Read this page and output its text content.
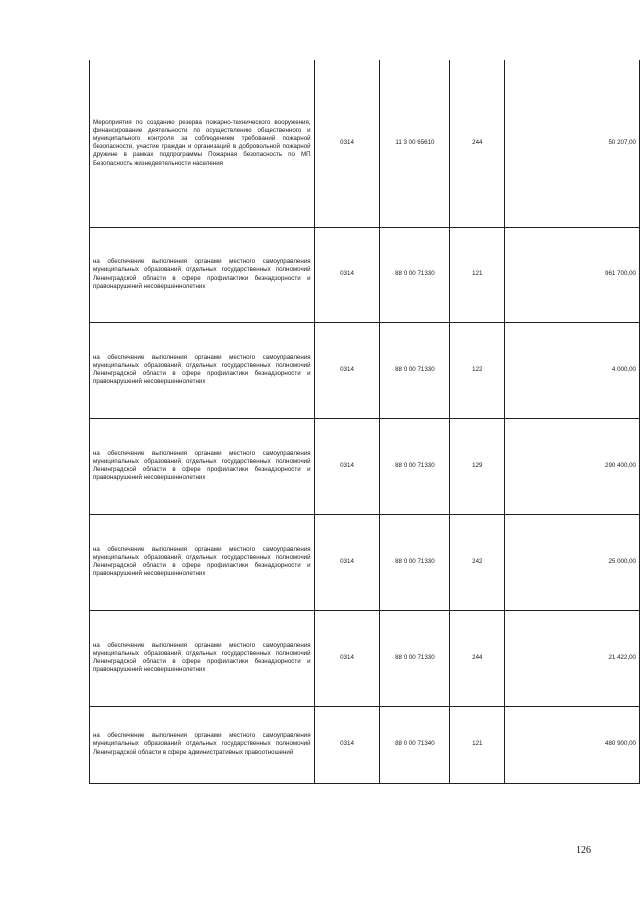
Мероприятия по созданию резерва пожарно-технического вооружения, финансирование деятельности по осуществлению общественного и муниципального контроля за соблюдением требований пожарной безопасности, участие граждан и организаций в добровольной пожарной дружине в рамках подпрограммы Пожарная безопасность по МП Безопасность жизнедеятельности населения	0314	11 3 00 65610	244	50 207,00
на обеспечение выполнения органами местного самоуправления муниципальных образований отдельных государственных полномочий Ленинградской области в сфере профилактики безнадзорности и правонарушений несовершеннолетних	0314	88 0 00 71330	121	961 700,00
на обеспечение выполнения органами местного самоуправления муниципальных образований отдельных государственных полномочий Ленинградской области в сфере профилактики безнадзорности и правонарушений несовершеннолетних	0314	88 0 00 71330	122	4 000,00
на обеспечение выполнения органами местного самоуправления муниципальных образований отдельных государственных полномочий Ленинградской области в сфере профилактики безнадзорности и правонарушений несовершеннолетних	0314	88 0 00 71330	129	290 400,00
на обеспечение выполнения органами местного самоуправления муниципальных образований отдельных государственных полномочий Ленинградской области в сфере профилактики безнадзорности и правонарушений несовершеннолетних	0314	88 0 00 71330	242	25 000,00
на обеспечение выполнения органами местного самоуправления муниципальных образований отдельных государственных полномочий Ленинградской области в сфере профилактики безнадзорности и правонарушений несовершеннолетних	0314	88 0 00 71330	244	21 422,00
на обеспечение выполнения органами местного самоуправления муниципальных образований отдельных государственных полномочий Ленинградской области в сфере административных правоотношений	0314	88 0 00 71340	121	480 900,00
126
